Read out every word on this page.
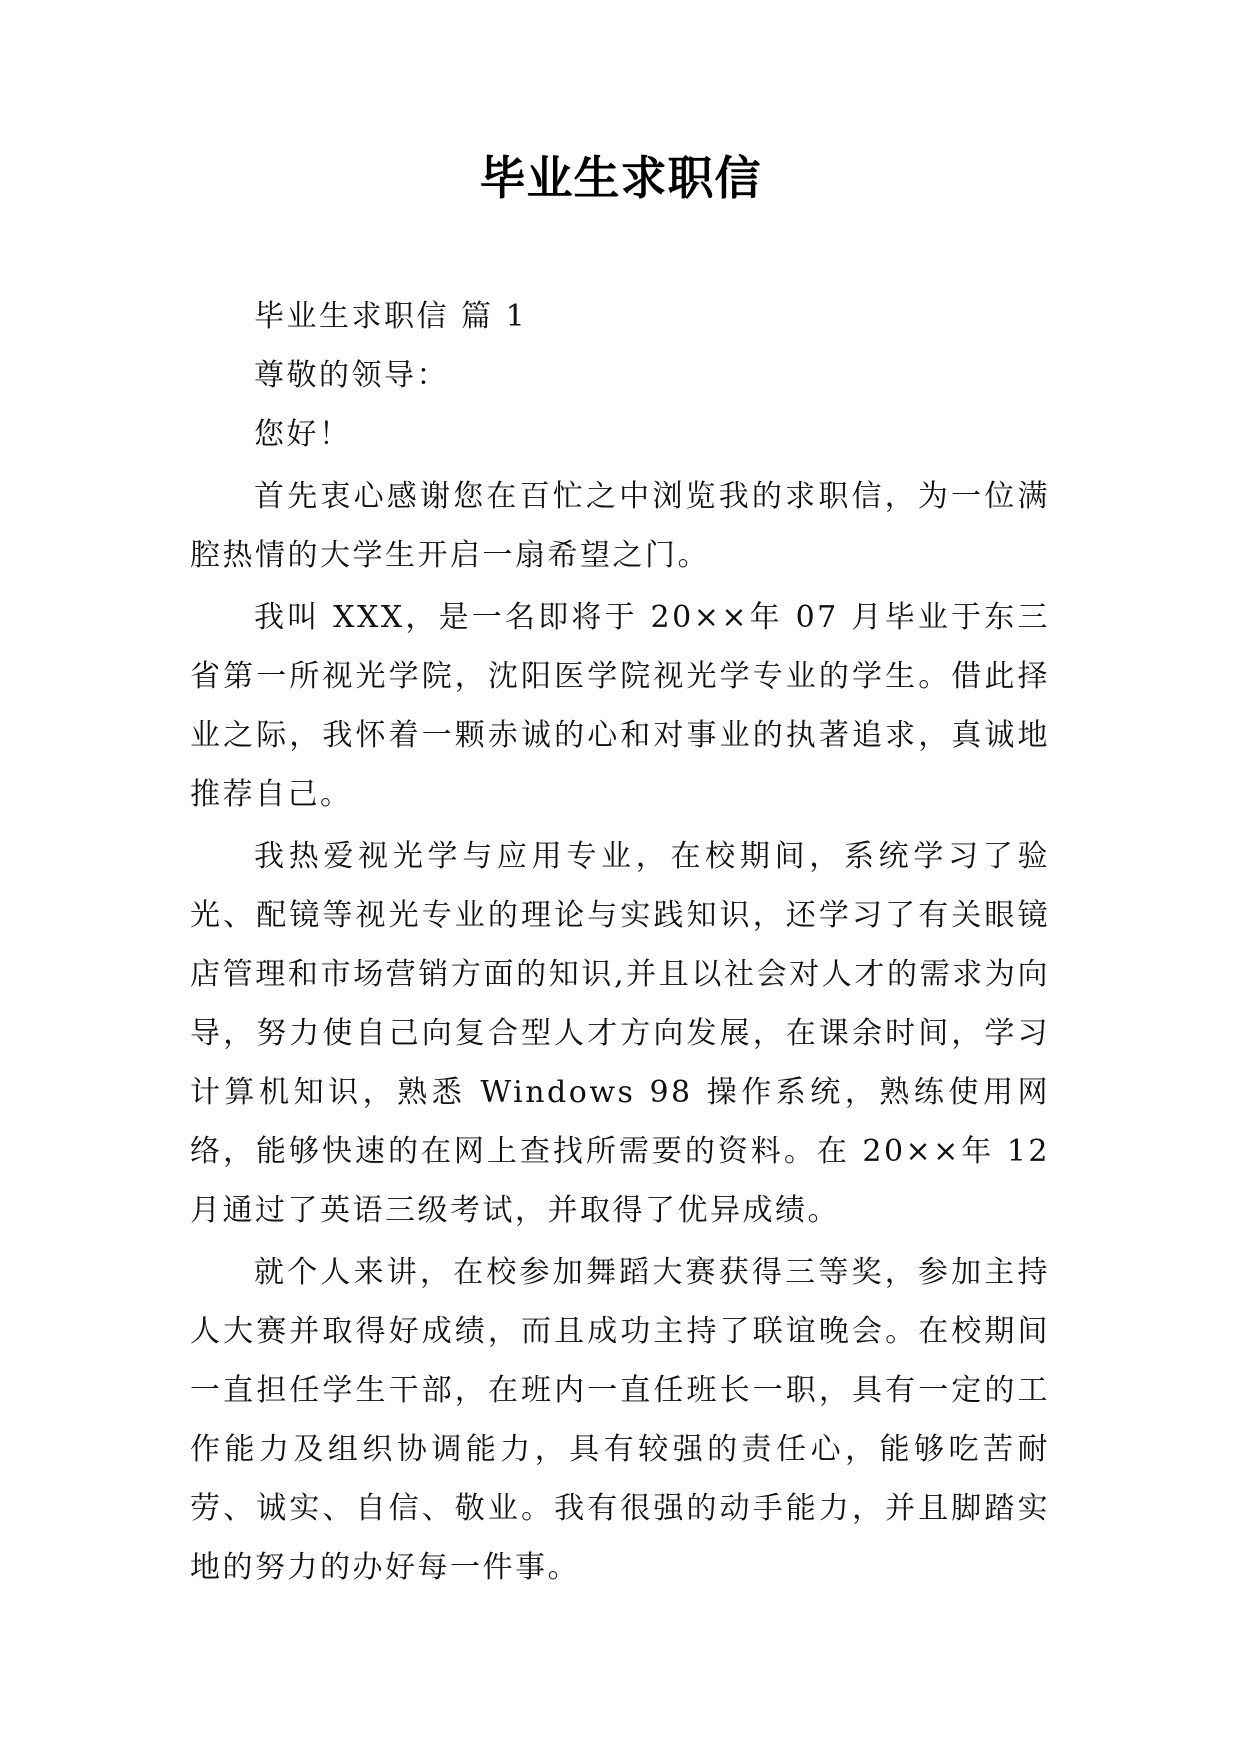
毕业生求职信

毕业生求职信 篇 1

尊敬的领导：

您好！

首先衷心感谢您在百忙之中浏览我的求职信，为一位满腔热情的大学生开启一扇希望之门。

我叫 XXX，是一名即将于 20××年 07 月毕业于东三省第一所视光学院，沈阳医学院视光学专业的学生。借此择业之际，我怀着一颗赤诚的心和对事业的执著追求，真诚地推荐自己。

我热爱视光学与应用专业，在校期间，系统学习了验光、配镜等视光专业的理论与实践知识，还学习了有关眼镜店管理和市场营销方面的知识,并且以社会对人才的需求为向导，努力使自己向复合型人才方向发展，在课余时间，学习计算机知识，熟悉 Windows 98 操作系统，熟练使用网络，能够快速的在网上查找所需要的资料。在 20××年 12 月通过了英语三级考试，并取得了优异成绩。

就个人来讲，在校参加舞蹈大赛获得三等奖，参加主持人大赛并取得好成绩，而且成功主持了联谊晚会。在校期间一直担任学生干部，在班内一直任班长一职，具有一定的工作能力及组织协调能力，具有较强的责任心，能够吃苦耐劳、诚实、自信、敬业。我有很强的动手能力，并且脚踏实地的努力的办好每一件事。
